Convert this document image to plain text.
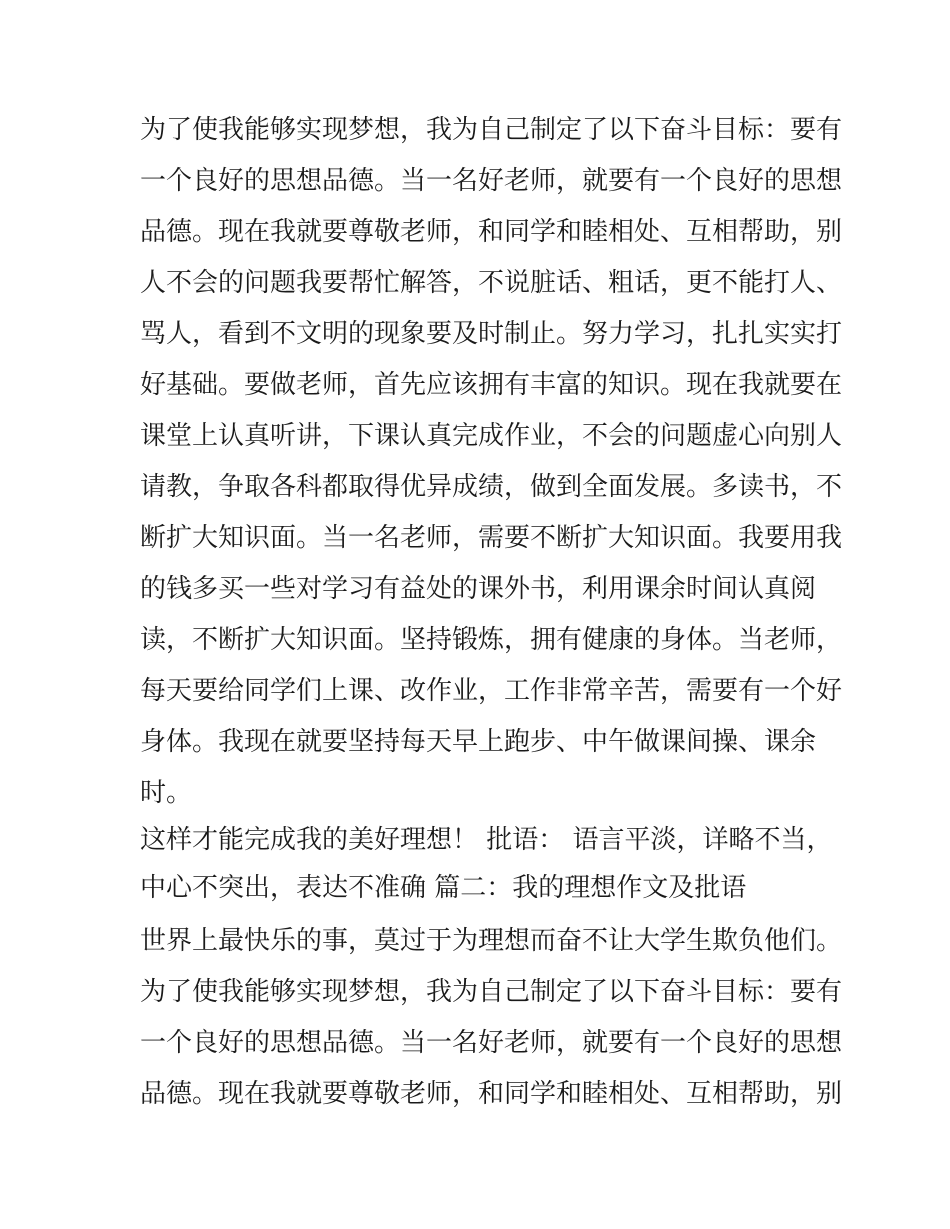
为了使我能够实现梦想，我为自己制定了以下奋斗目标：要有
一个良好的思想品德。当一名好老师，就要有一个良好的思想
品德。现在我就要尊敬老师，和同学和睦相处、互相帮助，别
人不会的问题我要帮忙解答，不说脏话、粗话，更不能打人、
骂人，看到不文明的现象要及时制止。努力学习，扎扎实实打
好基础。要做老师，首先应该拥有丰富的知识。现在我就要在
课堂上认真听讲，下课认真完成作业，不会的问题虚心向别人
请教，争取各科都取得优异成绩，做到全面发展。多读书，不
断扩大知识面。当一名老师，需要不断扩大知识面。我要用我
的钱多买一些对学习有益处的课外书，利用课余时间认真阅
读，不断扩大知识面。坚持锻炼，拥有健康的身体。当老师，
每天要给同学们上课、改作业，工作非常辛苦，需要有一个好
身体。我现在就要坚持每天早上跑步、中午做课间操、课余
时。
这样才能完成我的美好理想！ 批语： 语言平淡，详略不当，
中心不突出，表达不准确 篇二：我的理想作文及批语
世界上最快乐的事，莫过于为理想而奋不让大学生欺负他们。
为了使我能够实现梦想，我为自己制定了以下奋斗目标：要有
一个良好的思想品德。当一名好老师，就要有一个良好的思想
品德。现在我就要尊敬老师，和同学和睦相处、互相帮助，别
